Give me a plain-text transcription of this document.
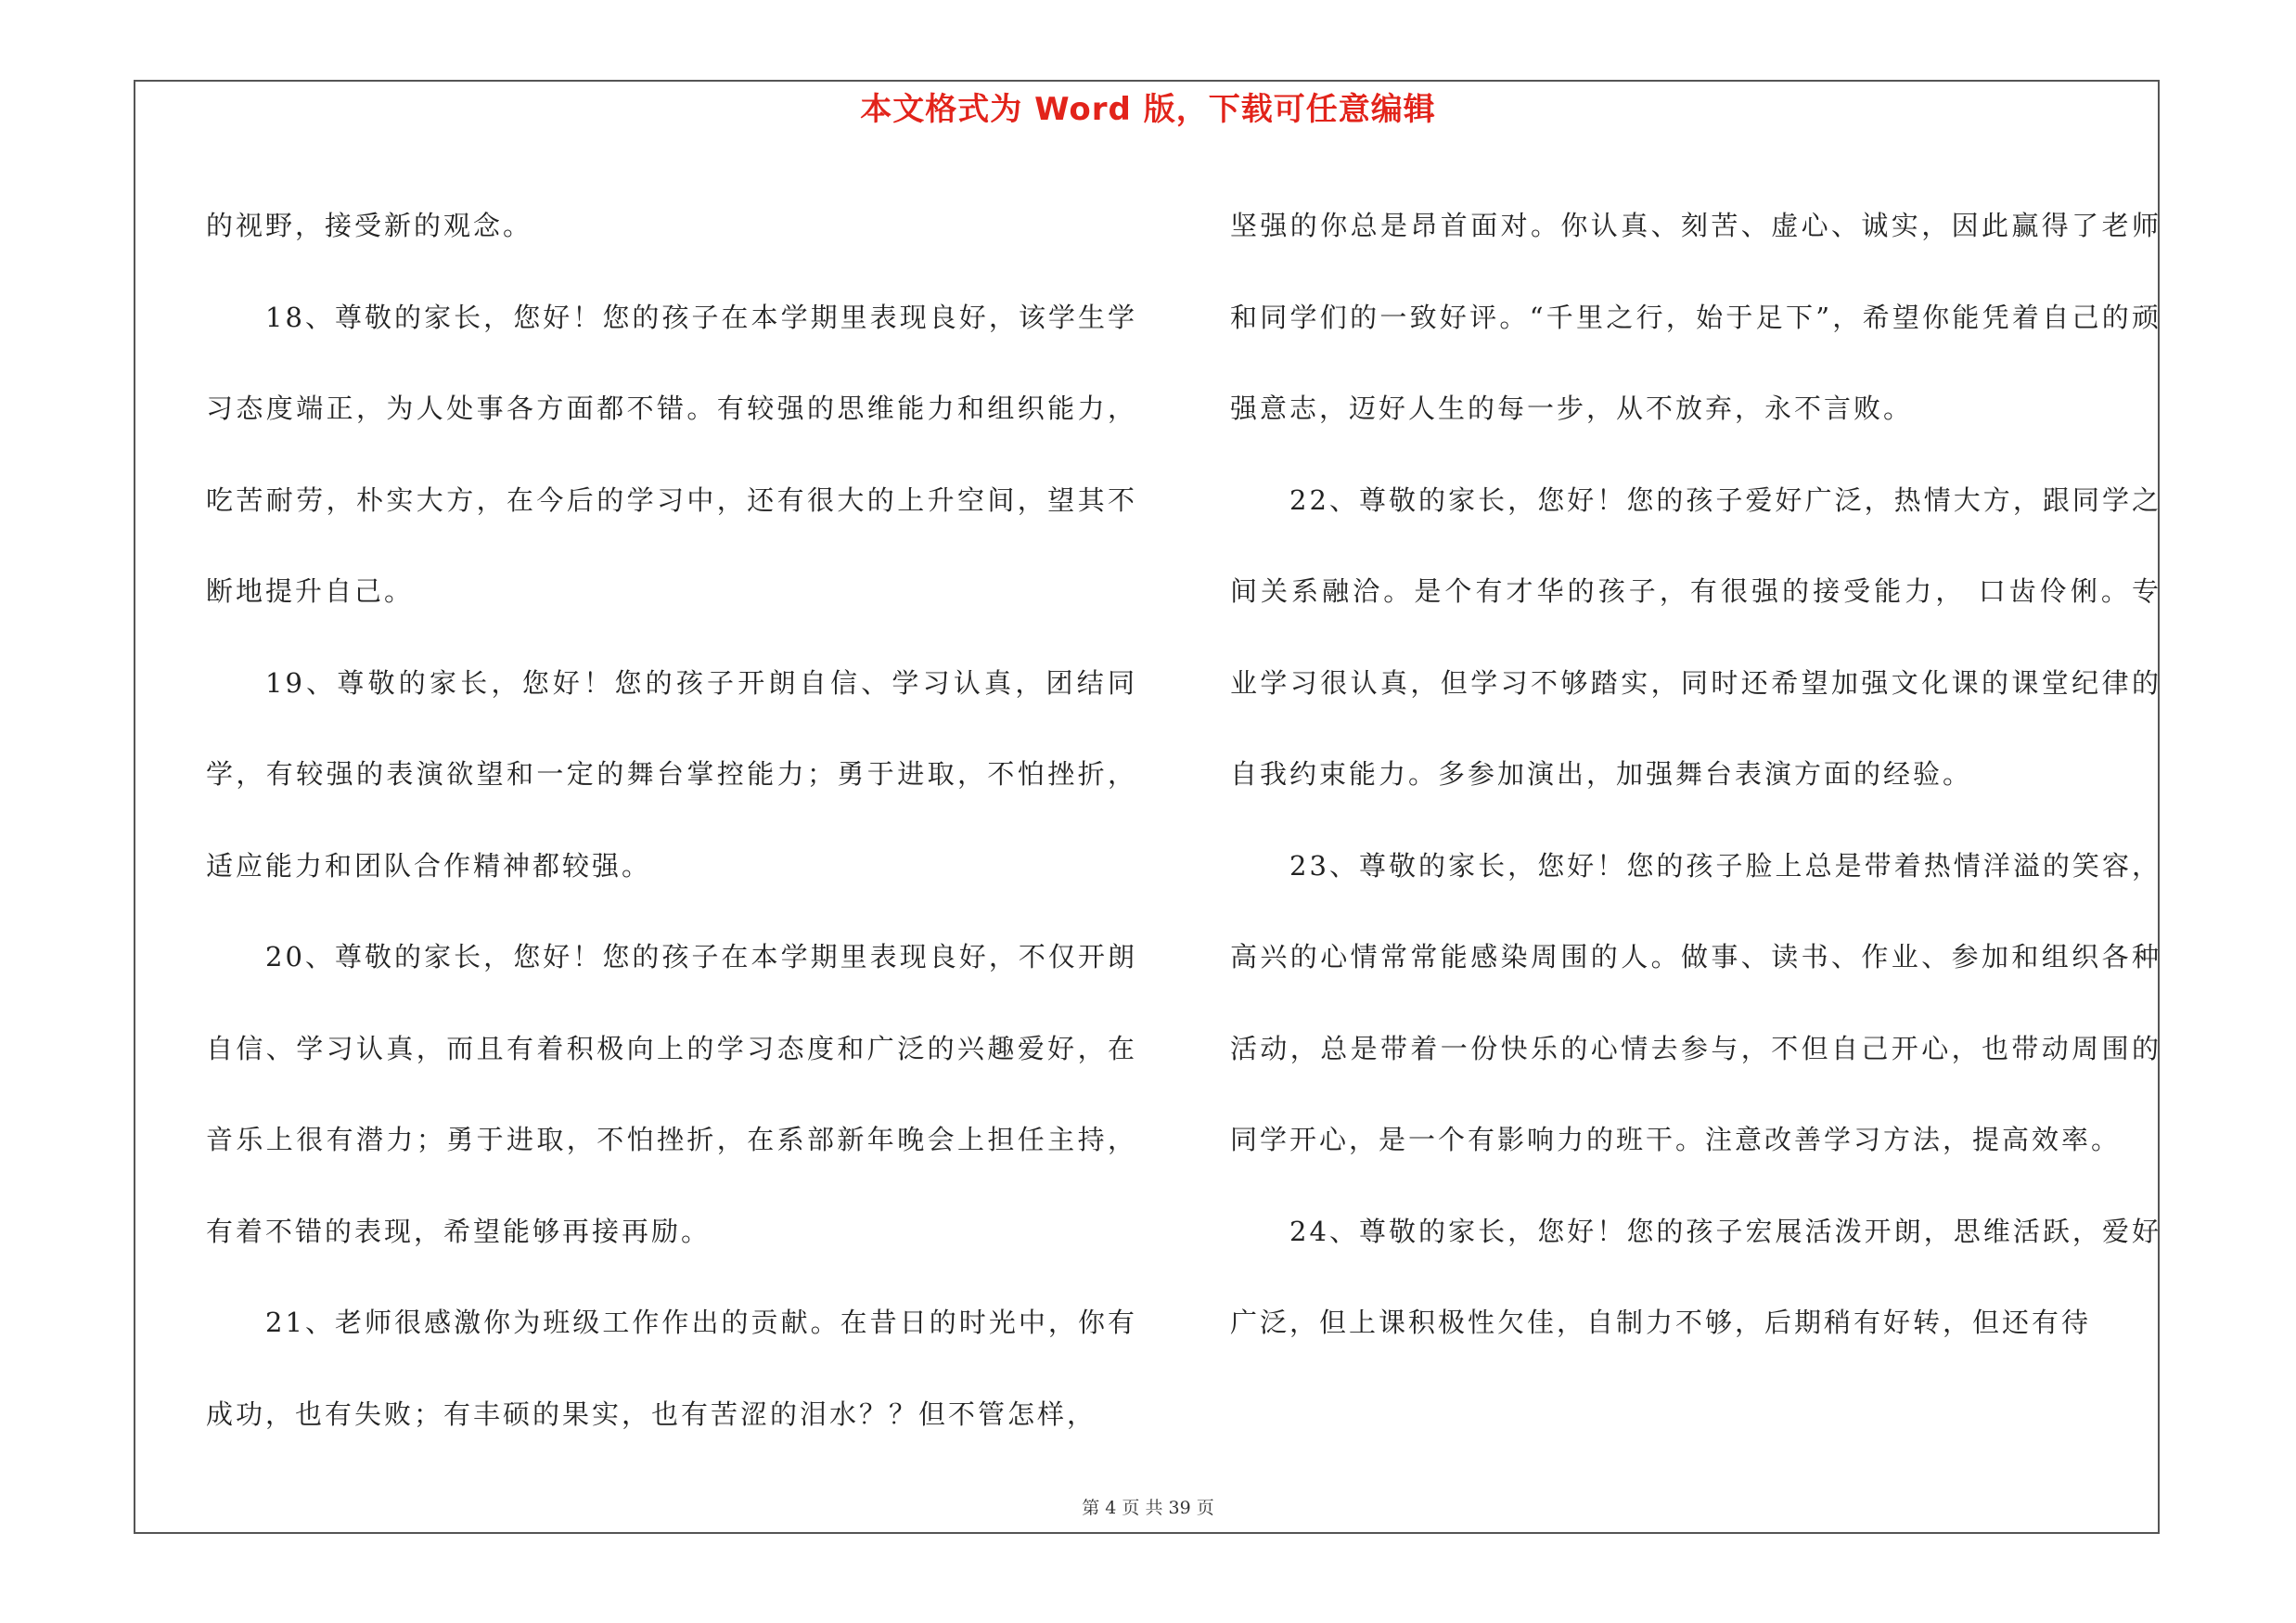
本文格式为 Word 版，下载可任意编辑

的视野，接受新的观念。

18、尊敬的家长，您好！您的孩子在本学期里表现良好，该学生学习态度端正，为人处事各方面都不错。有较强的思维能力和组织能力，吃苦耐劳，朴实大方，在今后的学习中，还有很大的上升空间，望其不断地提升自己。

19、尊敬的家长，您好！您的孩子开朗自信、学习认真，团结同学，有较强的表演欲望和一定的舞台掌控能力；勇于进取，不怕挫折，适应能力和团队合作精神都较强。

20、尊敬的家长，您好！您的孩子在本学期里表现良好，不仅开朗自信、学习认真，而且有着积极向上的学习态度和广泛的兴趣爱好，在音乐上很有潜力；勇于进取，不怕挫折，在系部新年晚会上担任主持，有着不错的表现，希望能够再接再励。

21、老师很感激你为班级工作作出的贡献。在昔日的时光中，你有成功，也有失败；有丰硕的果实，也有苦涩的泪水？？但不管怎样，

坚强的你总是昂首面对。你认真、刻苦、虚心、诚实，因此赢得了老师和同学们的一致好评。“千里之行，始于足下”，希望你能凭着自己的顽强意志，迈好人生的每一步，从不放弃，永不言败。

22、尊敬的家长，您好！您的孩子爱好广泛，热情大方，跟同学之间关系融洽。是个有才华的孩子，有很强的接受能力， 口齿伶俐。专业学习很认真，但学习不够踏实，同时还希望加强文化课的课堂纪律的自我约束能力。多参加演出，加强舞台表演方面的经验。

23、尊敬的家长，您好！您的孩子脸上总是带着热情洋溢的笑容，高兴的心情常常能感染周围的人。做事、读书、作业、参加和组织各种活动，总是带着一份快乐的心情去参与，不但自己开心，也带动周围的同学开心，是一个有影响力的班干。注意改善学习方法，提高效率。

24、尊敬的家长，您好！您的孩子宏展活泼开朗，思维活跃，爱好广泛，但上课积极性欠佳，自制力不够，后期稍有好转，但还有待

第 4 页 共 39 页
